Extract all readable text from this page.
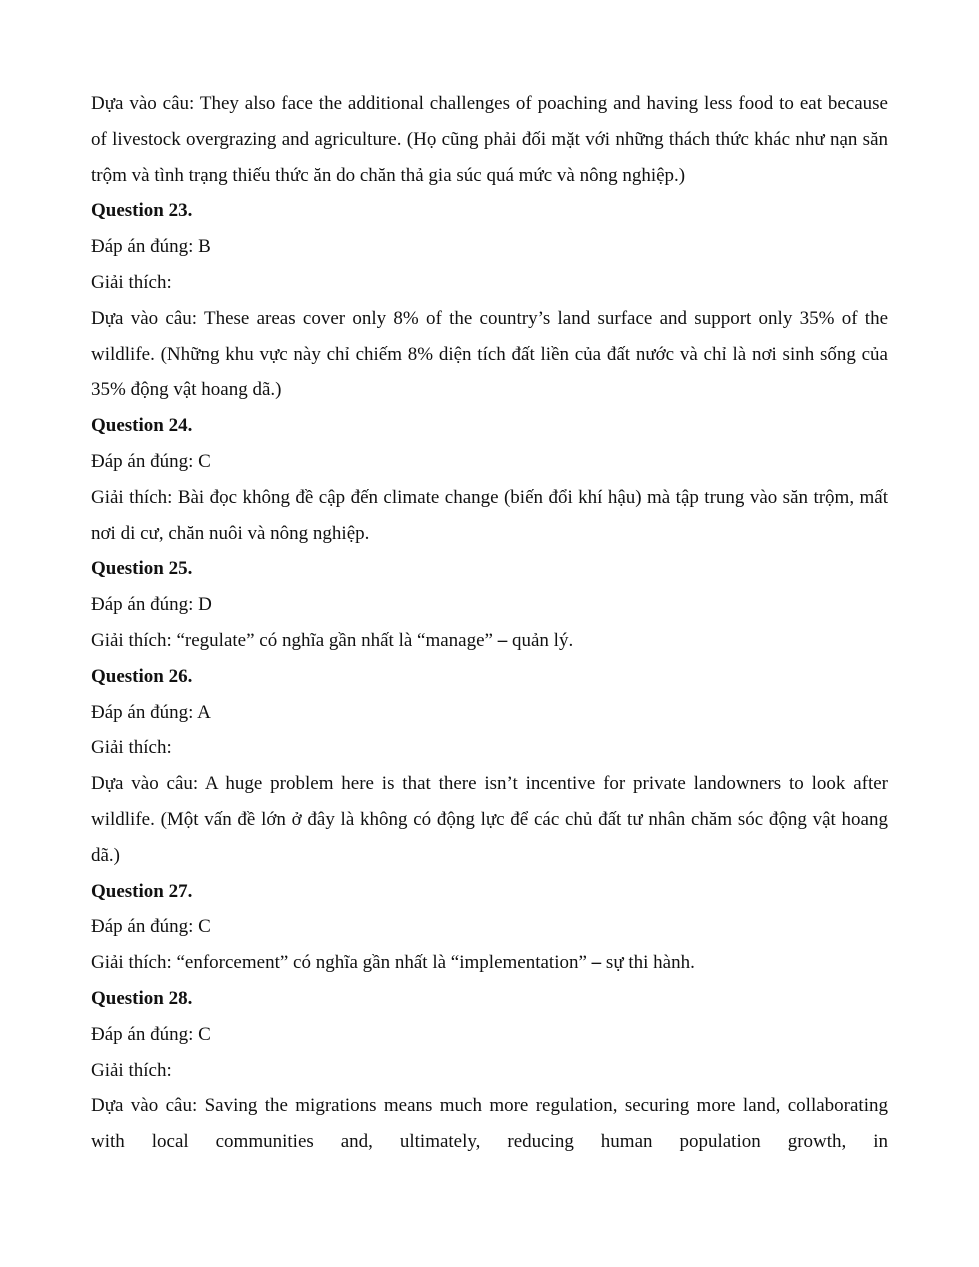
Dựa vào câu: They also face the additional challenges of poaching and having less food to eat because of livestock overgrazing and agriculture. (Họ cũng phải đối mặt với những thách thức khác như nạn săn trộm và tình trạng thiếu thức ăn do chăn thả gia súc quá mức và nông nghiệp.)

Question 23.

Đáp án đúng: B

Giải thích:

Dựa vào câu: These areas cover only 8% of the country’s land surface and support only 35% of the wildlife. (Những khu vực này chỉ chiếm 8% diện tích đất liền của đất nước và chỉ là nơi sinh sống của 35% động vật hoang dã.)

Question 24.

Đáp án đúng: C

Giải thích: Bài đọc không đề cập đến climate change (biến đổi khí hậu) mà tập trung vào săn trộm, mất nơi di cư, chăn nuôi và nông nghiệp.

Question 25.

Đáp án đúng: D

Giải thích: “regulate” có nghĩa gần nhất là “manage” – quản lý.

Question 26.

Đáp án đúng: A

Giải thích:

Dựa vào câu: A huge problem here is that there isn’t incentive for private landowners to look after wildlife. (Một vấn đề lớn ở đây là không có động lực để các chủ đất tư nhân chăm sóc động vật hoang dã.)

Question 27.

Đáp án đúng: C

Giải thích: “enforcement” có nghĩa gần nhất là “implementation” – sự thi hành.

Question 28.

Đáp án đúng: C

Giải thích:

Dựa vào câu: Saving the migrations means much more regulation, securing more land, collaborating with local communities and, ultimately, reducing human population growth, in
